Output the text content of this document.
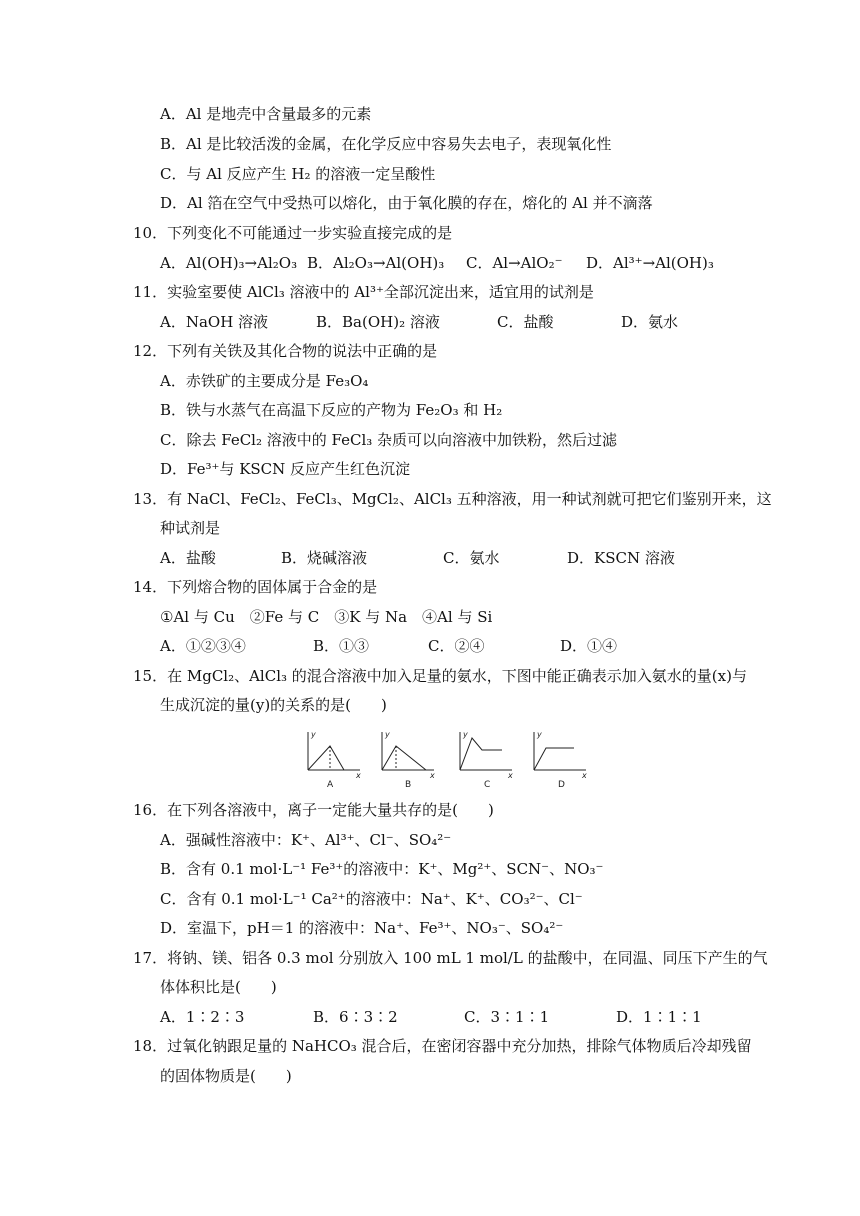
A．Al 是地壳中含量最多的元素
B．Al 是比较活泼的金属，在化学反应中容易失去电子，表现氧化性
C．与 Al 反应产生 H₂ 的溶液一定呈酸性
D．Al 箔在空气中受热可以熔化，由于氧化膜的存在，熔化的 Al 并不滴落
10．下列变化不可能通过一步实验直接完成的是
A．Al(OH)₃→Al₂O₃ B．Al₂O₃→Al(OH)₃ C．Al→AlO₂⁻ D．Al³⁺→Al(OH)₃
11．实验室要使 AlCl₃ 溶液中的 Al³⁺全部沉淀出来，适宜用的试剂是
A．NaOH 溶液	B．Ba(OH)₂ 溶液	C．盐酸	D．氨水
12．下列有关铁及其化合物的说法中正确的是
A．赤铁矿的主要成分是 Fe₃O₄
B．铁与水蒸气在高温下反应的产物为 Fe₂O₃ 和 H₂
C．除去 FeCl₂ 溶液中的 FeCl₃ 杂质可以向溶液中加铁粉，然后过滤
D．Fe³⁺与 KSCN 反应产生红色沉淀
13．有 NaCl、FeCl₂、FeCl₃、MgCl₂、AlCl₃ 五种溶液，用一种试剂就可把它们鉴别开来，这
种试剂是
A．盐酸	B．烧碱溶液	C．氨水	D．KSCN 溶液
14．下列熔合物的固体属于合金的是
①Al 与 Cu　②Fe 与 C　③K 与 Na　④Al 与 Si
A．①②③④	B．①③	C．②④	D．①④
15．在 MgCl₂、AlCl₃ 的混合溶液中加入足量的氨水，下图中能正确表示加入氨水的量(x)与
生成沉淀的量(y)的关系的是(　　)
y
x
y
x
y
x
y
x
A	B	C	D
16．在下列各溶液中，离子一定能大量共存的是(　　)
A．强碱性溶液中：K⁺、Al³⁺、Cl⁻、SO₄²⁻
B．含有 0.1 mol·L⁻¹ Fe³⁺的溶液中：K⁺、Mg²⁺、SCN⁻、NO₃⁻
C．含有 0.1 mol·L⁻¹ Ca²⁺的溶液中：Na⁺、K⁺、CO₃²⁻、Cl⁻
D．室温下，pH＝1 的溶液中：Na⁺、Fe³⁺、NO₃⁻、SO₄²⁻
17．将钠、镁、铝各 0.3 mol 分别放入 100 mL 1 mol/L 的盐酸中，在同温、同压下产生的气
体体积比是(　　)
A．1∶2∶3	B．6∶3∶2	C．3∶1∶1	D．1∶1∶1
18．过氧化钠跟足量的 NaHCO₃ 混合后，在密闭容器中充分加热，排除气体物质后冷却残留
的固体物质是(　　)
